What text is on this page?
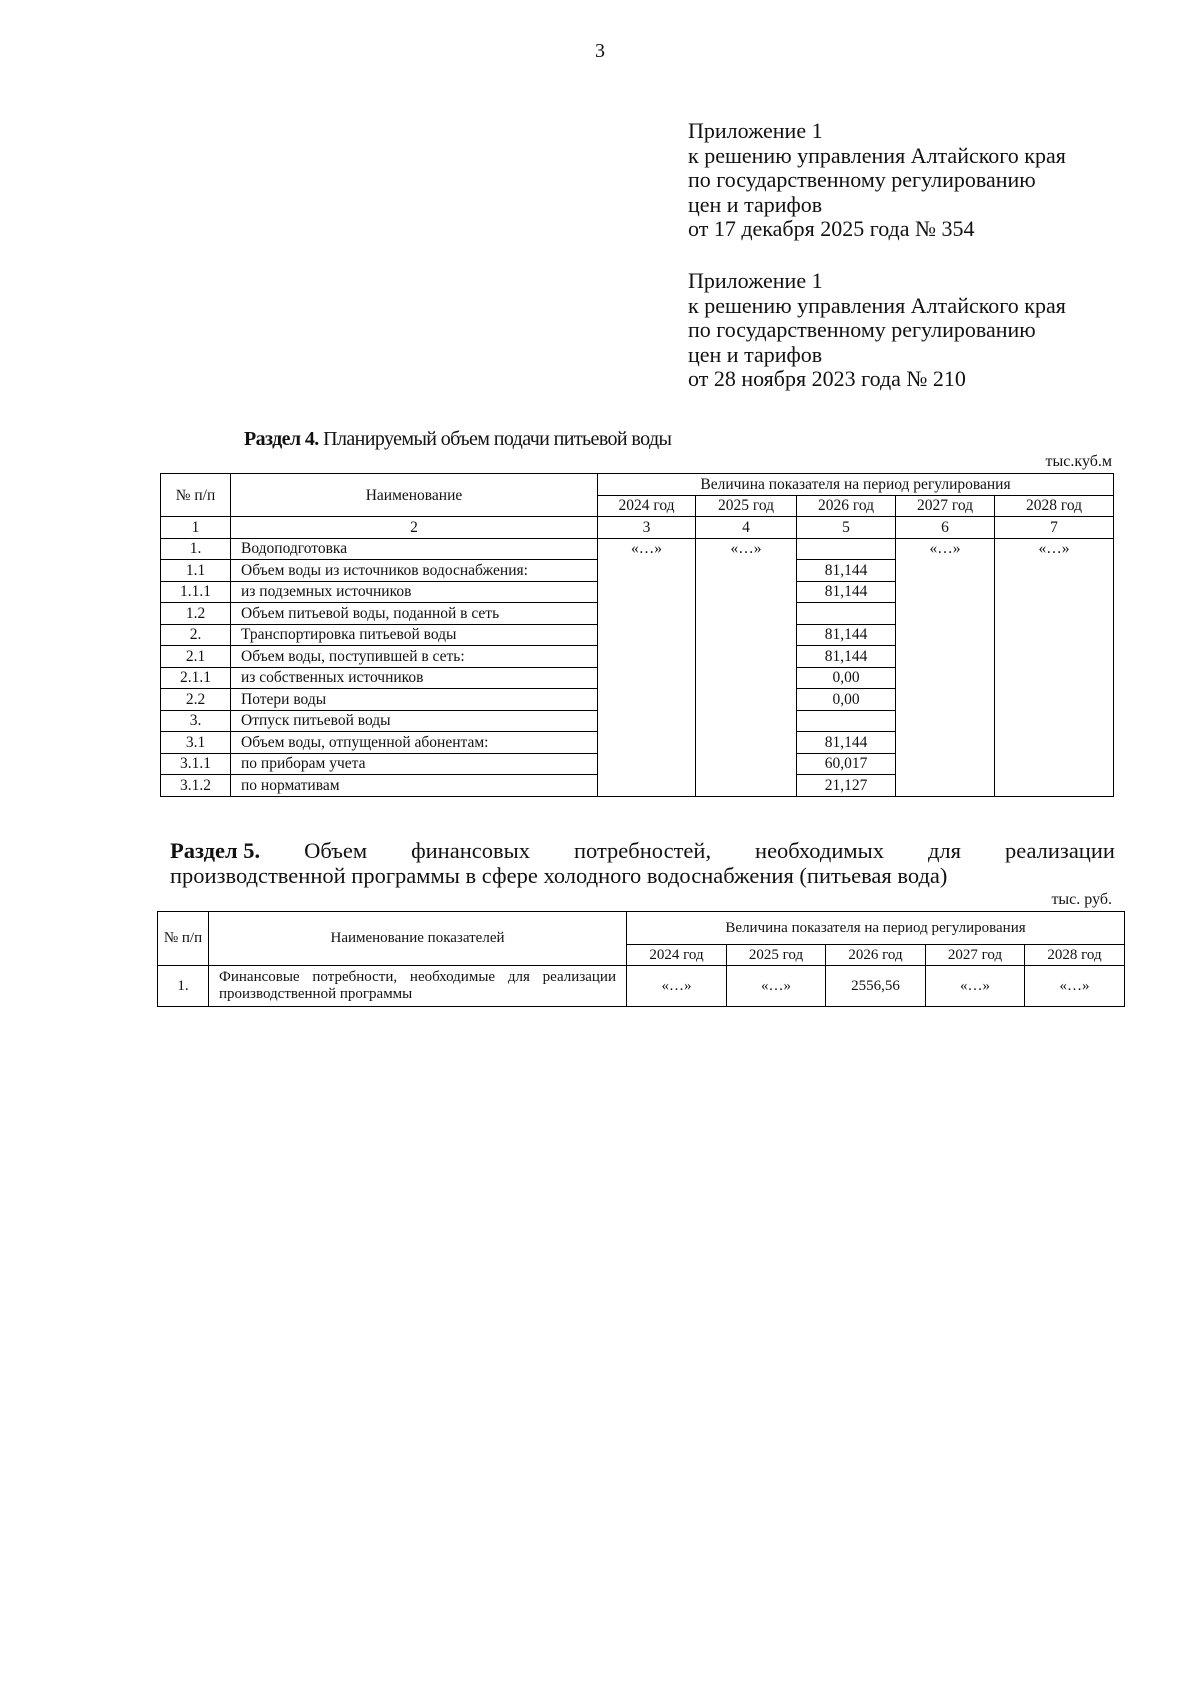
3
Приложение 1
к решению управления Алтайского края
по государственному регулированию
цен и тарифов
от 17 декабря 2025 года № 354
Приложение 1
к решению управления Алтайского края
по государственному регулированию
цен и тарифов
от 28 ноября 2023 года № 210
Раздел 4. Планируемый объем подачи питьевой воды
тыс.куб.м
№ п/п	Наименование	Величина показателя на период регулирования				
		2024 год	2025 год	2026 год	2027 год	2028 год
1	2	3	4	5	6	7
1.	Водоподготовка	«…»	«…»		«…»	«…»
1.1	Объем воды из источников водоснабжения:			81,144		
1.1.1	из подземных источников			81,144		
1.2	Объем питьевой воды, поданной в сеть					
2.	Транспортировка питьевой воды			81,144		
2.1	Объем воды, поступившей в сеть:			81,144		
2.1.1	из собственных источников			0,00		
2.2	Потери воды			0,00		
3.	Отпуск питьевой воды					
3.1	Объем воды, отпущенной абонентам:			81,144		
3.1.1	по приборам учета			60,017		
3.1.2	по нормативам			21,127		
Раздел 5. Объем финансовых потребностей, необходимых для реализации
производственной программы в сфере холодного водоснабжения (питьевая вода)
тыс. руб.
№ п/п	Наименование показателей	Величина показателя на период регулирования				
		2024 год	2025 год	2026 год	2027 год	2028 год
1.	Финансовые потребности, необходимые для реализации производственной программы	«…»	«…»	2556,56	«…»	«…»
